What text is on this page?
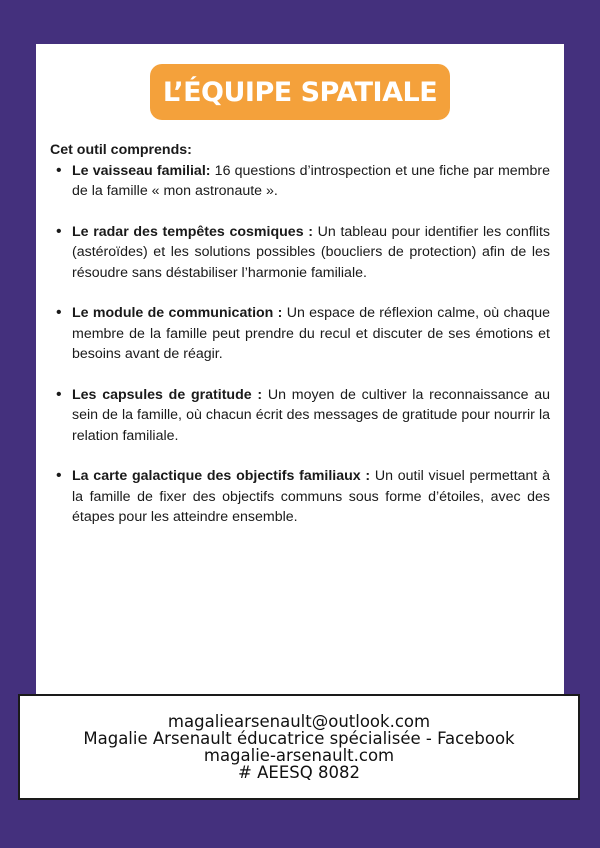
L’ÉQUIPE SPATIALE

Cet outil comprends:

• Le vaisseau familial: 16 questions d’introspection et une fiche par membre de la famille « mon astronaute ».
• Le radar des tempêtes cosmiques : Un tableau pour identifier les conflits (astéroïdes) et les solutions possibles (boucliers de protection) afin de les résoudre sans déstabiliser l’harmonie familiale.
• Le module de communication : Un espace de réflexion calme, où chaque membre de la famille peut prendre du recul et discuter de ses émotions et besoins avant de réagir.
• Les capsules de gratitude : Un moyen de cultiver la reconnaissance au sein de la famille, où chacun écrit des messages de gratitude pour nourrir la relation familiale.
• La carte galactique des objectifs familiaux : Un outil visuel permettant à la famille de fixer des objectifs communs sous forme d’étoiles, avec des étapes pour les atteindre ensemble.
magaliearsenault@outlook.com
Magalie Arsenault éducatrice spécialisée - Facebook
magalie-arsenault.com
# AEESQ 8082
